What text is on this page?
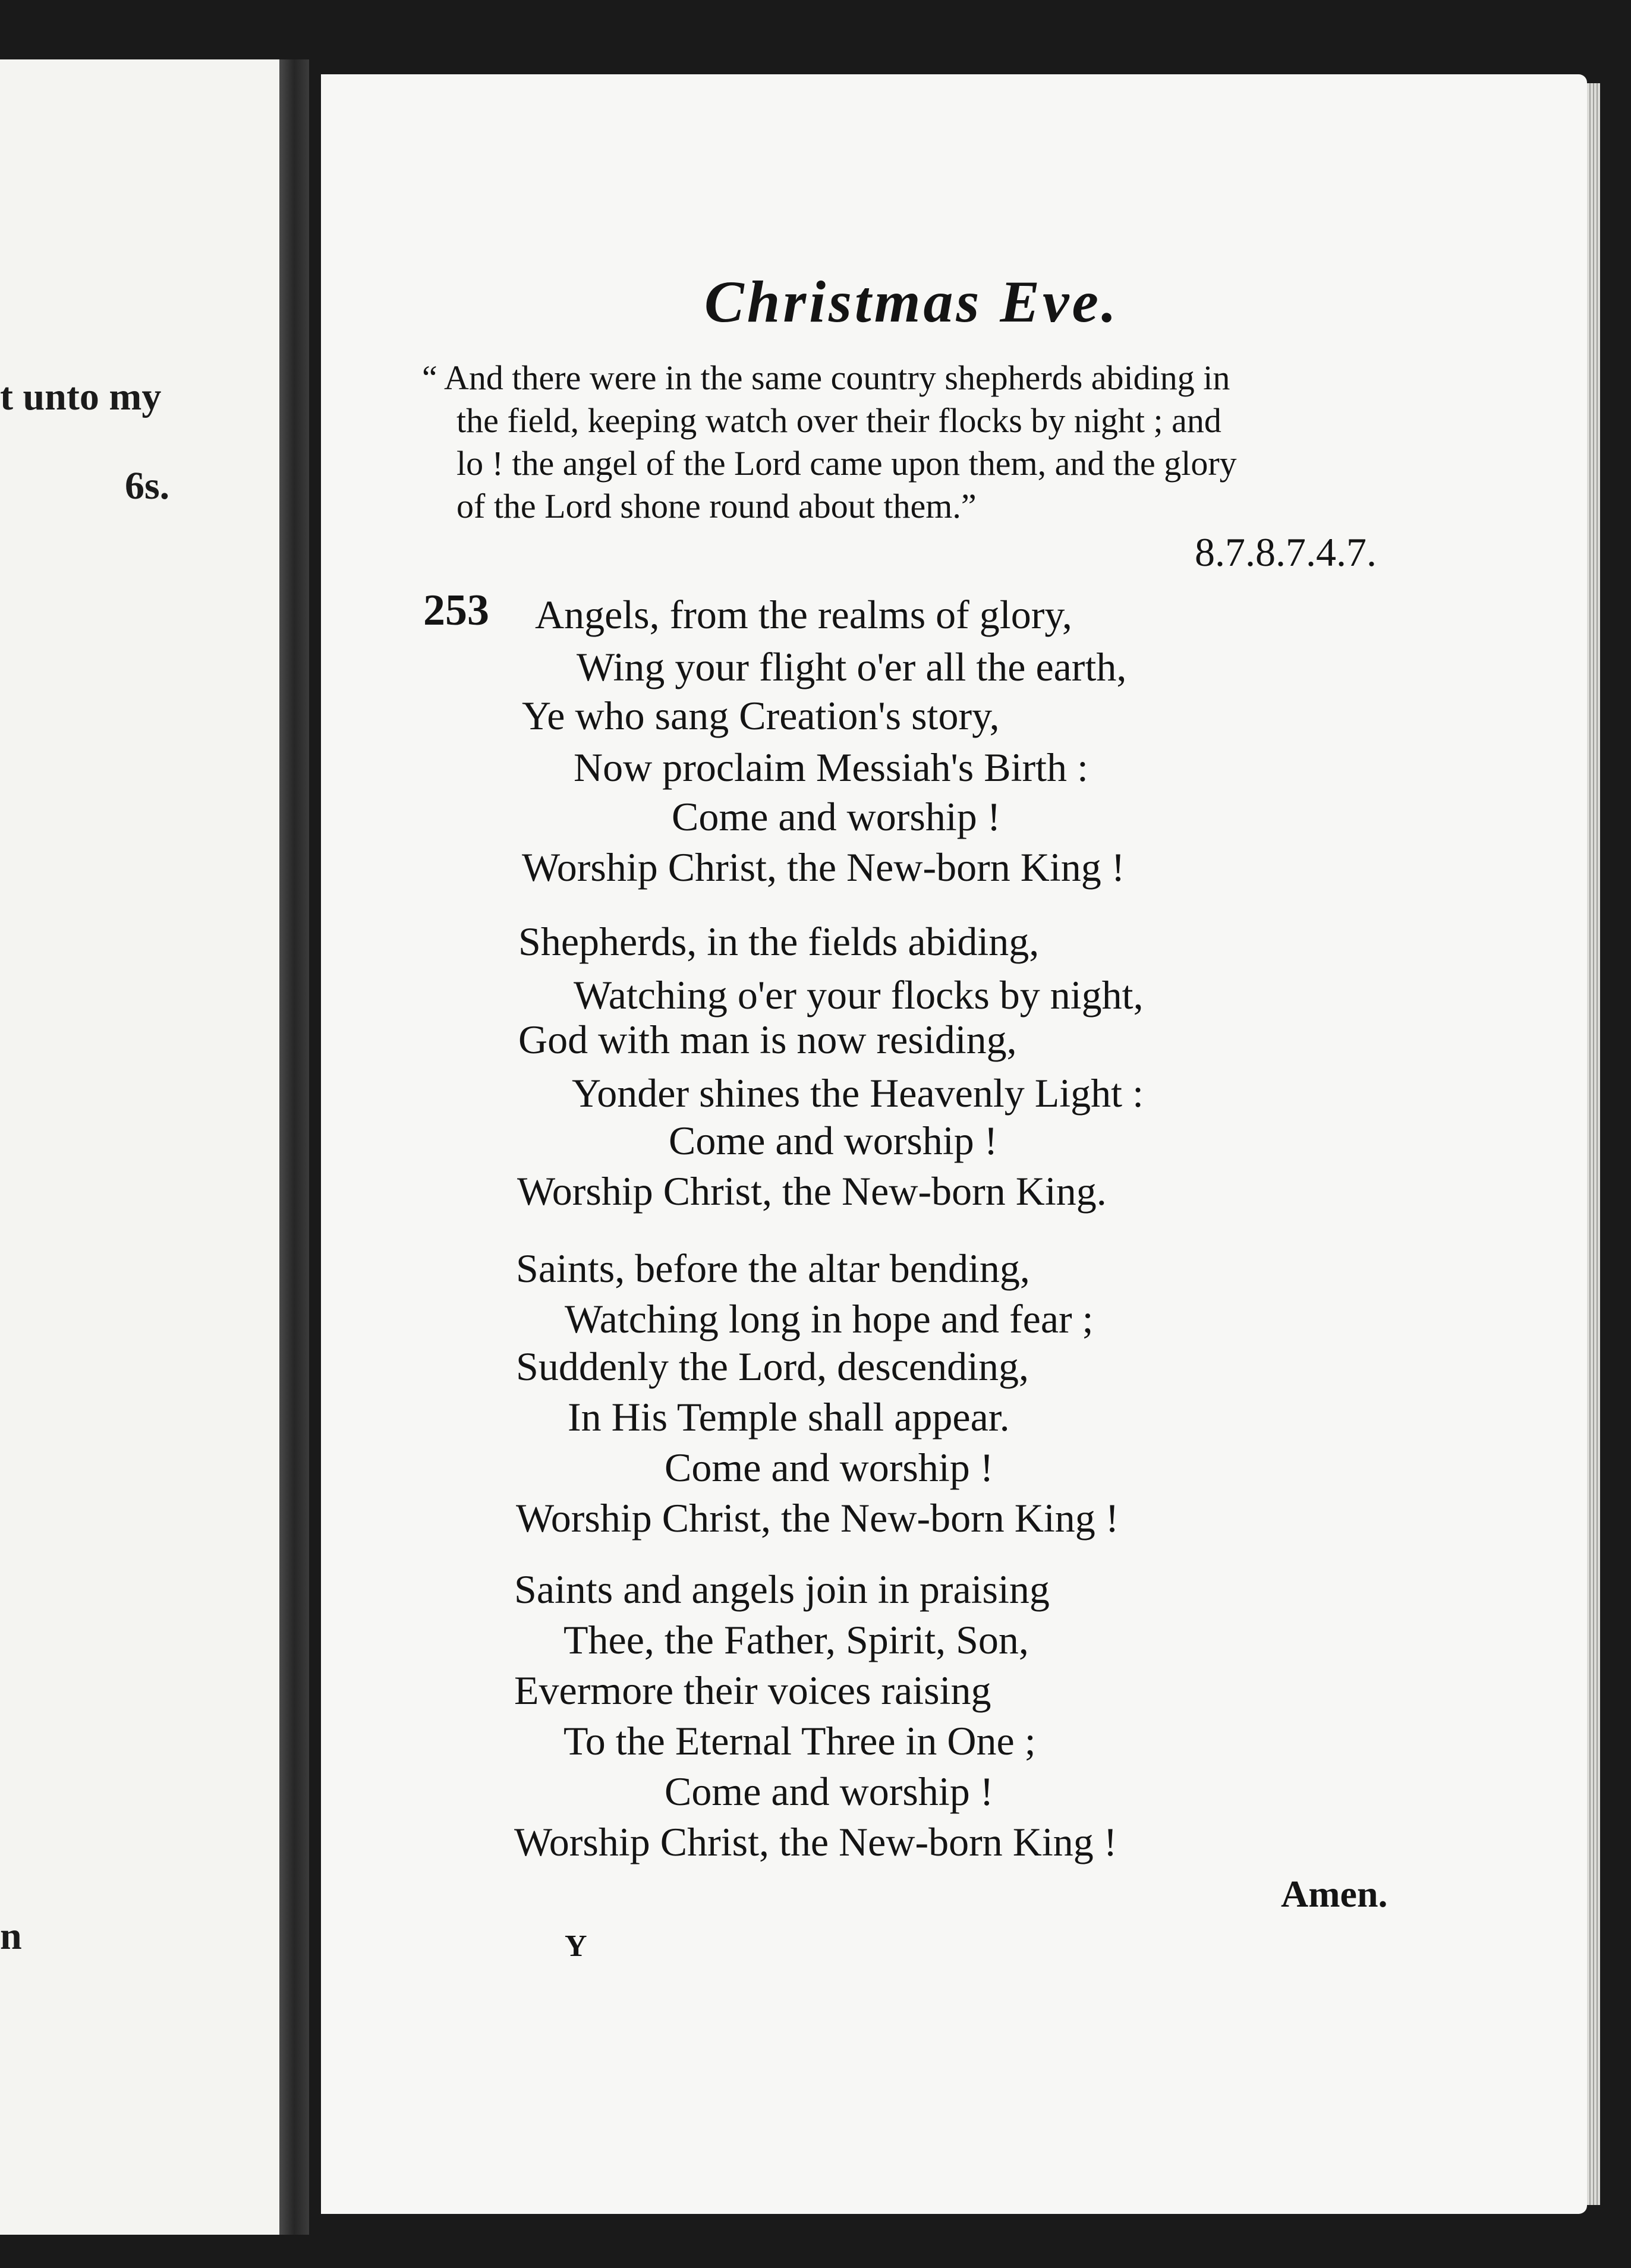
t unto my
6s.
n
Christmas Eve.
“ And there were in the same country shepherds abiding in
the field, keeping watch over their flocks by night ; and
lo ! the angel of the Lord came upon them, and the glory
of the Lord shone round about them.”
8.7.8.7.4.7.
253 Angels, from the realms of glory,
Wing your flight o'er all the earth,
Ye who sang Creation's story,
Now proclaim Messiah's Birth :
Come and worship !
Worship Christ, the New-born King !
Shepherds, in the fields abiding,
Watching o'er your flocks by night,
God with man is now residing,
Yonder shines the Heavenly Light :
Come and worship !
Worship Christ, the New-born King.
Saints, before the altar bending,
Watching long in hope and fear ;
Suddenly the Lord, descending,
In His Temple shall appear.
Come and worship !
Worship Christ, the New-born King !
Saints and angels join in praising
Thee, the Father, Spirit, Son,
Evermore their voices raising
To the Eternal Three in One ;
Come and worship !
Worship Christ, the New-born King !
Amen.
Y
